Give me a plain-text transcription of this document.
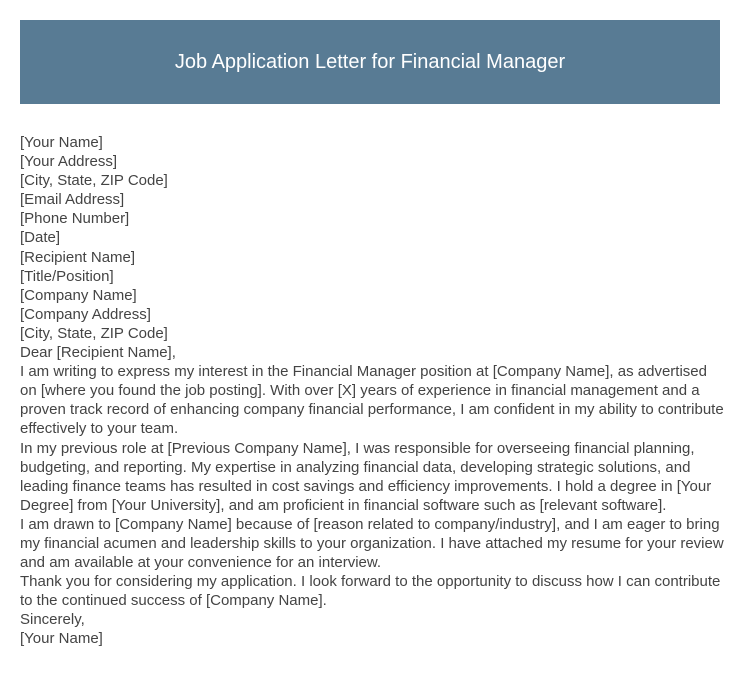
Job Application Letter for Financial Manager
[Your Name]
[Your Address]
[City, State, ZIP Code]
[Email Address]
[Phone Number]
[Date]
[Recipient Name]
[Title/Position]
[Company Name]
[Company Address]
[City, State, ZIP Code]
Dear [Recipient Name],

I am writing to express my interest in the Financial Manager position at [Company Name], as advertised on [where you found the job posting]. With over [X] years of experience in financial management and a proven track record of enhancing company financial performance, I am confident in my ability to contribute effectively to your team.

In my previous role at [Previous Company Name], I was responsible for overseeing financial planning, budgeting, and reporting. My expertise in analyzing financial data, developing strategic solutions, and leading finance teams has resulted in cost savings and efficiency improvements. I hold a degree in [Your Degree] from [Your University], and am proficient in financial software such as [relevant software].

I am drawn to [Company Name] because of [reason related to company/industry], and I am eager to bring my financial acumen and leadership skills to your organization. I have attached my resume for your review and am available at your convenience for an interview.

Thank you for considering my application. I look forward to the opportunity to discuss how I can contribute to the continued success of [Company Name].

Sincerely,
[Your Name]
